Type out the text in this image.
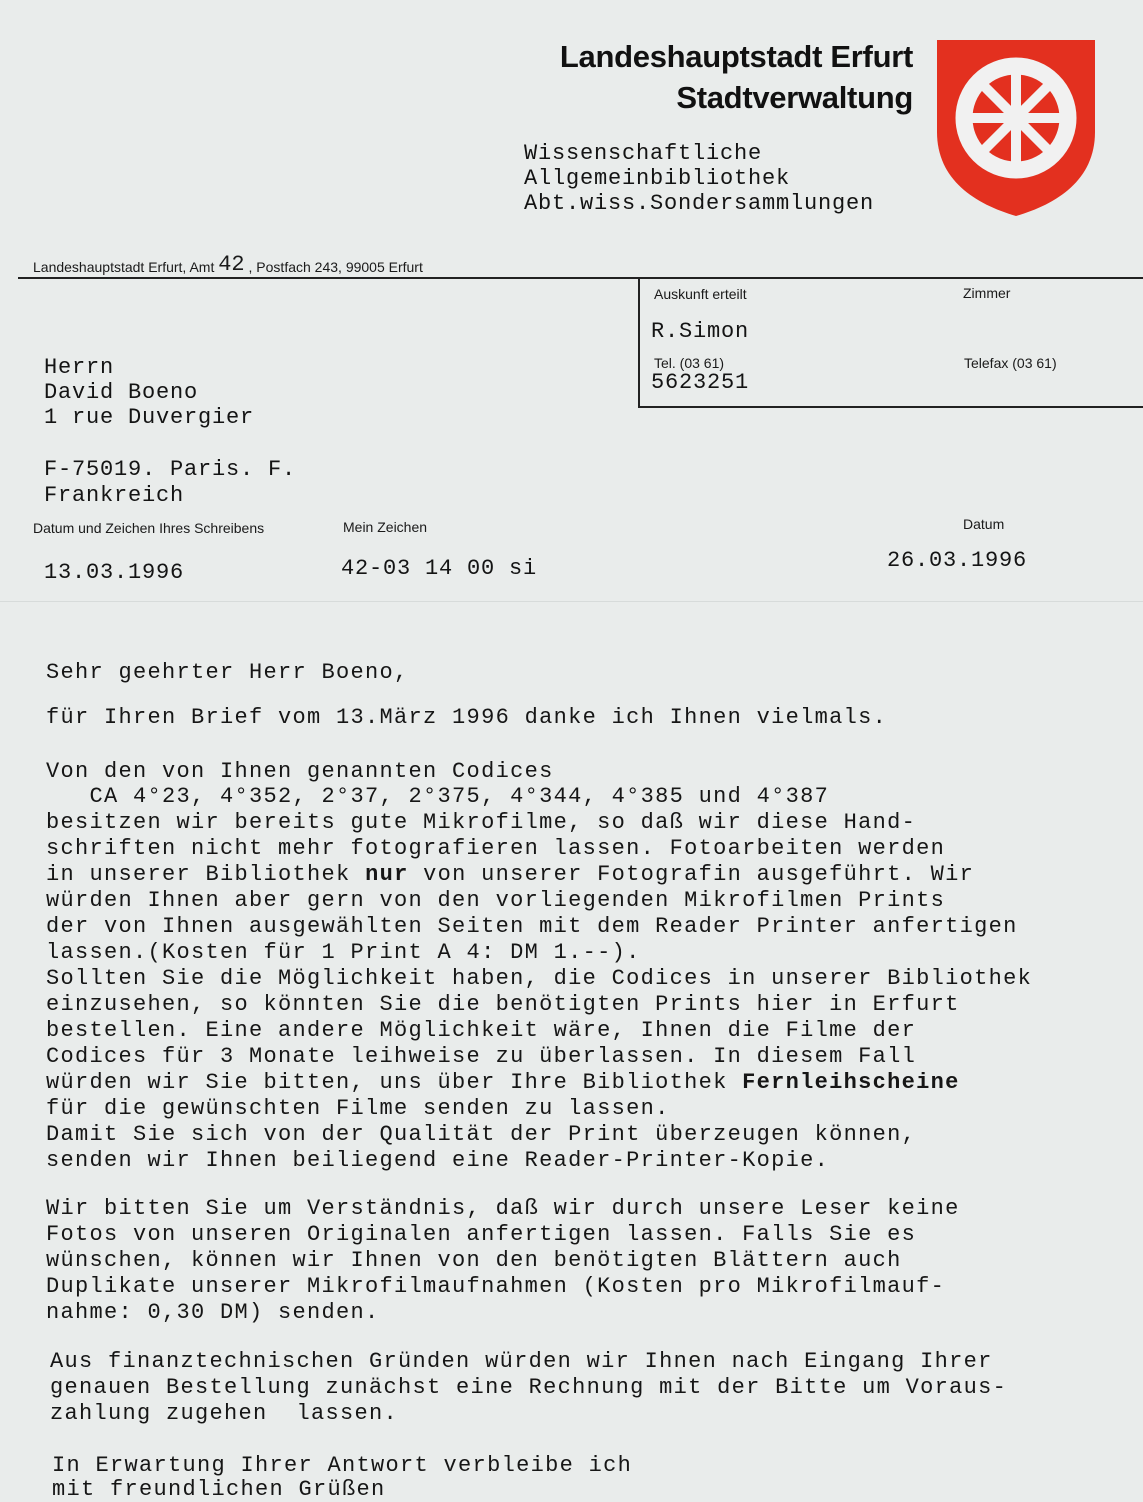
Landeshauptstadt Erfurt
Stadtverwaltung
Wissenschaftliche
Allgemeinbibliothek
Abt.wiss.Sondersammlungen
Landeshauptstadt Erfurt, Amt 42 , Postfach 243, 99005 Erfurt
Auskunft erteilt	Zimmer
R.Simon
Tel. (03 61)	Telefax (03 61)
5623251
Herrn
David Boeno
1 rue Duvergier
F-75019. Paris. F.
Frankreich
Datum und Zeichen Ihres Schreibens	Mein Zeichen	Datum
13.03.1996	42-03 14 00 si	26.03.1996
Sehr geehrter Herr Boeno,
für Ihren Brief vom 13.März 1996 danke ich Ihnen vielmals.
Von den von Ihnen genannten Codices
CA 4°23, 4°352, 2°37, 2°375, 4°344, 4°385 und 4°387
besitzen wir bereits gute Mikrofilme, so daß wir diese Hand-
schriften nicht mehr fotografieren lassen. Fotoarbeiten werden
in unserer Bibliothek nur von unserer Fotografin ausgeführt. Wir
würden Ihnen aber gern von den vorliegenden Mikrofilmen Prints
der von Ihnen ausgewählten Seiten mit dem Reader Printer anfertigen
lassen.(Kosten für 1 Print A 4: DM 1.--).
Sollten Sie die Möglichkeit haben, die Codices in unserer Bibliothek
einzusehen, so könnten Sie die benötigten Prints hier in Erfurt
bestellen. Eine andere Möglichkeit wäre, Ihnen die Filme der
Codices für 3 Monate leihweise zu überlassen. In diesem Fall
würden wir Sie bitten, uns über Ihre Bibliothek Fernleihscheine
für die gewünschten Filme senden zu lassen.
Damit Sie sich von der Qualität der Print überzeugen können,
senden wir Ihnen beiliegend eine Reader-Printer-Kopie.
Wir bitten Sie um Verständnis, daß wir durch unsere Leser keine
Fotos von unseren Originalen anfertigen lassen. Falls Sie es
wünschen, können wir Ihnen von den benötigten Blättern auch
Duplikate unserer Mikrofilmaufnahmen (Kosten pro Mikrofilmauf-
nahme: 0,30 DM) senden.
Aus finanztechnischen Gründen würden wir Ihnen nach Eingang Ihrer
genauen Bestellung zunächst eine Rechnung mit der Bitte um Voraus-
zahlung zugehen  lassen.
In Erwartung Ihrer Antwort verbleibe ich
mit freundlichen Grüßen
